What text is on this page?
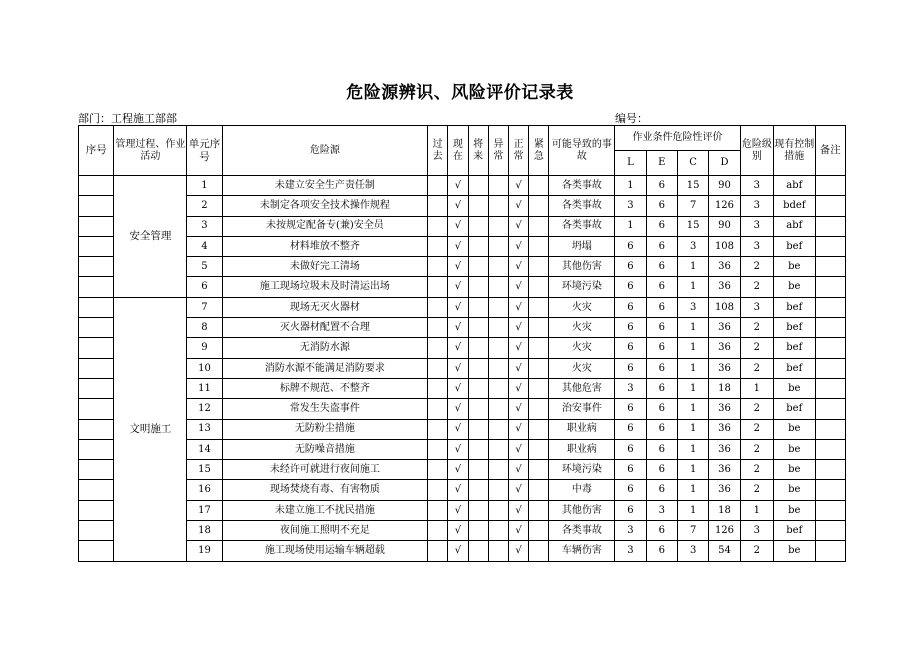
危险源辨识、风险评价记录表
部门：工程施工部部	编号：
序号	管理过程、作业活动	单元序号	危险源	过去	现在	将来	异常	正常	紧急	可能导致的事故	作业条件危险性评价				危险级别	现有控制措施	备注
											L	E	C	D			
	安全管理	1	未建立安全生产责任制		√			√		各类事故	1	6	15	90	3	abf	
		2	未制定各项安全技术操作规程		√			√		各类事故	3	6	7	126	3	bdef	
		3	未按规定配备专(兼)安全员		√			√		各类事故	1	6	15	90	3	abf	
		4	材料堆放不整齐		√			√		坍塌	6	6	3	108	3	bef	
		5	未做好完工清场		√			√		其他伤害	6	6	1	36	2	be	
		6	施工现场垃圾未及时清运出场		√			√		环境污染	6	6	1	36	2	be	
	文明施工	7	现场无灭火器材		√			√		火灾	6	6	3	108	3	bef	
		8	灭火器材配置不合理		√			√		火灾	6	6	1	36	2	bef	
		9	无消防水源		√			√		火灾	6	6	1	36	2	bef	
		10	消防水源不能满足消防要求		√			√		火灾	6	6	1	36	2	bef	
		11	标牌不规范、不整齐		√			√		其他危害	3	6	1	18	1	be	
		12	常发生失盗事件		√			√		治安事件	6	6	1	36	2	bef	
		13	无防粉尘措施		√			√		职业病	6	6	1	36	2	be	
		14	无防噪音措施		√			√		职业病	6	6	1	36	2	be	
		15	未经许可就进行夜间施工		√			√		环境污染	6	6	1	36	2	be	
		16	现场焚烧有毒、有害物质		√			√		中毒	6	6	1	36	2	be	
		17	未建立施工不扰民措施		√			√		其他伤害	6	3	1	18	1	be	
		18	夜间施工照明不充足		√			√		各类事故	3	6	7	126	3	bef	
		19	施工现场使用运输车辆超载		√			√		车辆伤害	3	6	3	54	2	be	
